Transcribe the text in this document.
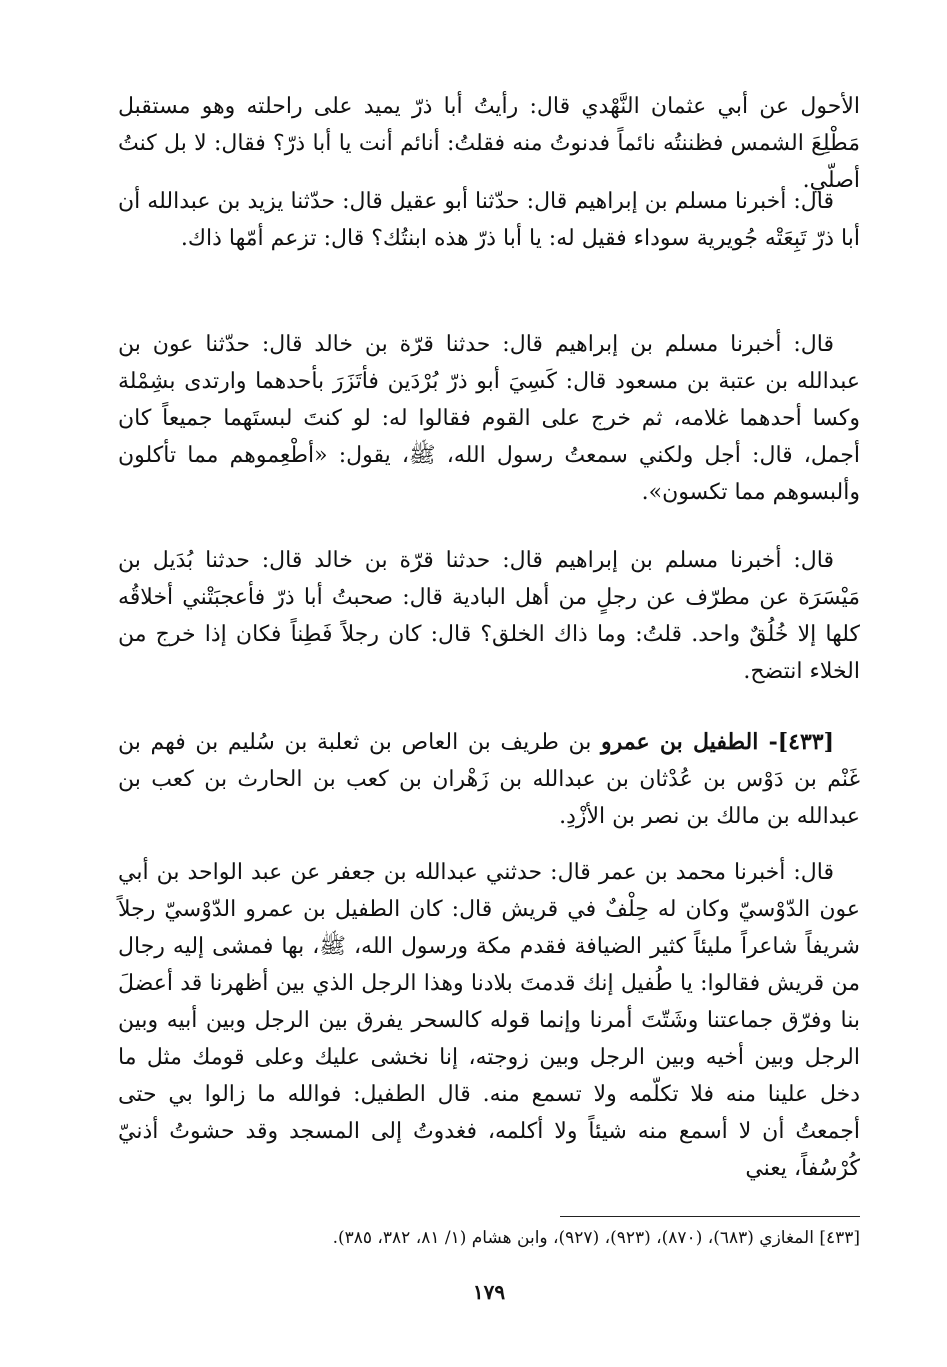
الأحول عن أبي عثمان النَّهْدي قال: رأيتُ أبا ذرّ يميد على راحلته وهو مستقبل مَطْلِعَ الشمس فظننتُه نائماً فدنوتُ منه فقلتُ: أنائم أنت يا أبا ذرّ؟ فقال: لا بل كنتُ أصلّي.

قال: أخبرنا مسلم بن إبراهيم قال: حدّثنا أبو عقيل قال: حدّثنا يزيد بن عبدالله أن أبا ذرّ تَبِعَتْه جُويرية سوداء فقيل له: يا أبا ذرّ هذه ابنتُك؟ قال: تزعم أمّها ذاك.

قال: أخبرنا مسلم بن إبراهيم قال: حدثنا قرّة بن خالد قال: حدّثنا عون بن عبدالله بن عتبة بن مسعود قال: كَسِيَ أبو ذرّ بُرْدَين فأتَزَرَ بأحدهما وارتدى بشِمْلة وكسا أحدهما غلامه، ثم خرج على القوم فقالوا له: لو كنتَ لبستَهما جميعاً كان أجمل، قال: أجل ولكني سمعتُ رسول الله، ﷺ، يقول: «أطْعِموهم مما تأكلون وألبسوهم مما تكسون».

قال: أخبرنا مسلم بن إبراهيم قال: حدثنا قرّة بن خالد قال: حدثنا بُدَيل بن مَيْسَرَة عن مطرّف عن رجلٍ من أهل البادية قال: صحبتُ أبا ذرّ فأعجبَتْني أخلاقُه كلها إلا خُلُقٌ واحد. قلتُ: وما ذاك الخلق؟ قال: كان رجلاً فَطِناً فكان إذا خرج من الخلاء انتضح.

[٤٣٣]- الطفيل بن عمرو بن طريف بن العاص بن ثعلبة بن سُليم بن فهم بن غَنْم بن دَوْس بن عُدْثان بن عبدالله بن زَهْران بن كعب بن الحارث بن كعب بن عبدالله بن مالك بن نصر بن الأزْدِ.

قال: أخبرنا محمد بن عمر قال: حدثني عبدالله بن جعفر عن عبد الواحد بن أبي عون الدّوْسيّ وكان له حِلْفٌ في قريش قال: كان الطفيل بن عمرو الدّوْسيّ رجلاً شريفاً شاعراً مليئاً كثير الضيافة فقدم مكة ورسول الله، ﷺ، بها فمشى إليه رجال من قريش فقالوا: يا طُفيل إنك قدمتَ بلادنا وهذا الرجل الذي بين أظهرنا قد أعضلَ بنا وفرّق جماعتنا وشَتّتَ أمرنا وإنما قوله كالسحر يفرق بين الرجل وبين أبيه وبين الرجل وبين أخيه وبين الرجل وبين زوجته، إنا نخشى عليك وعلى قومك مثل ما دخل علينا منه فلا تكلّمه ولا تسمع منه. قال الطفيل: فوالله ما زالوا بي حتى أجمعتُ أن لا أسمع منه شيئاً ولا أكلمه، فغدوتُ إلى المسجد وقد حشوتُ أذنيّ كُرْسُفاً، يعني

[٤٣٣] المغازي (٦٨٣)، (٨٧٠)، (٩٢٣)، (٩٢٧)، وابن هشام (١/ ٨١، ٣٨٢، ٣٨٥).
١٧٩
